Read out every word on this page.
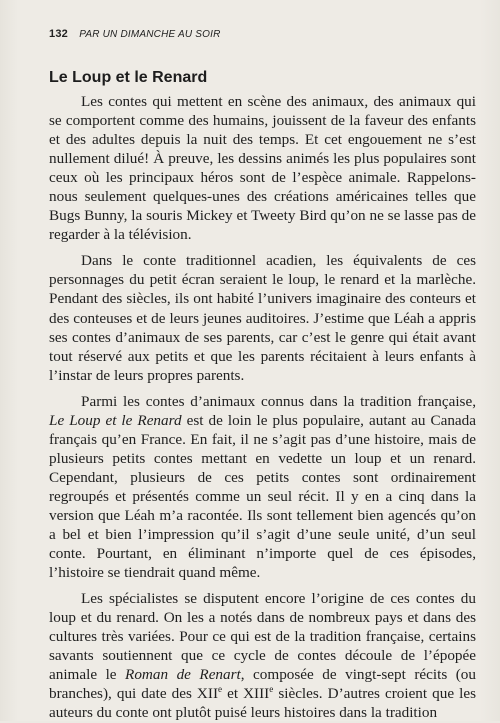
132 PAR UN DIMANCHE AU SOIR
Le Loup et le Renard

Les contes qui mettent en scène des animaux, des animaux qui se comportent comme des humains, jouissent de la faveur des enfants et des adultes depuis la nuit des temps. Et cet engouement ne s’est nullement dilué! À preuve, les dessins animés les plus populaires sont ceux où les principaux héros sont de l’espèce animale. Rappelons-nous seulement quelques-unes des créations américaines telles que Bugs Bunny, la souris Mickey et Tweety Bird qu’on ne se lasse pas de regarder à la télévision.

Dans le conte traditionnel acadien, les équivalents de ces personnages du petit écran seraient le loup, le renard et la marlèche. Pendant des siècles, ils ont habité l’univers imaginaire des conteurs et des conteuses et de leurs jeunes auditoires. J’estime que Léah a appris ses contes d’animaux de ses parents, car c’est le genre qui était avant tout réservé aux petits et que les parents récitaient à leurs enfants à l’instar de leurs propres parents.

Parmi les contes d’animaux connus dans la tradition française, Le Loup et le Renard est de loin le plus populaire, autant au Canada français qu’en France. En fait, il ne s’agit pas d’une histoire, mais de plusieurs petits contes mettant en vedette un loup et un renard. Cependant, plusieurs de ces petits contes sont ordinairement regroupés et présentés comme un seul récit. Il y en a cinq dans la version que Léah m’a racontée. Ils sont tellement bien agencés qu’on a bel et bien l’impression qu’il s’agit d’une seule unité, d’un seul conte. Pourtant, en éliminant n’importe quel de ces épisodes, l’histoire se tiendrait quand même.

Les spécialistes se disputent encore l’origine de ces contes du loup et du renard. On les a notés dans de nombreux pays et dans des cultures très variées. Pour ce qui est de la tradition française, certains savants soutiennent que ce cycle de contes découle de l’épopée animale le Roman de Renart, composée de vingt-sept récits (ou branches), qui date des XIIe et XIIIe siècles. D’autres croient que les auteurs du conte ont plutôt puisé leurs histoires dans la tradition
